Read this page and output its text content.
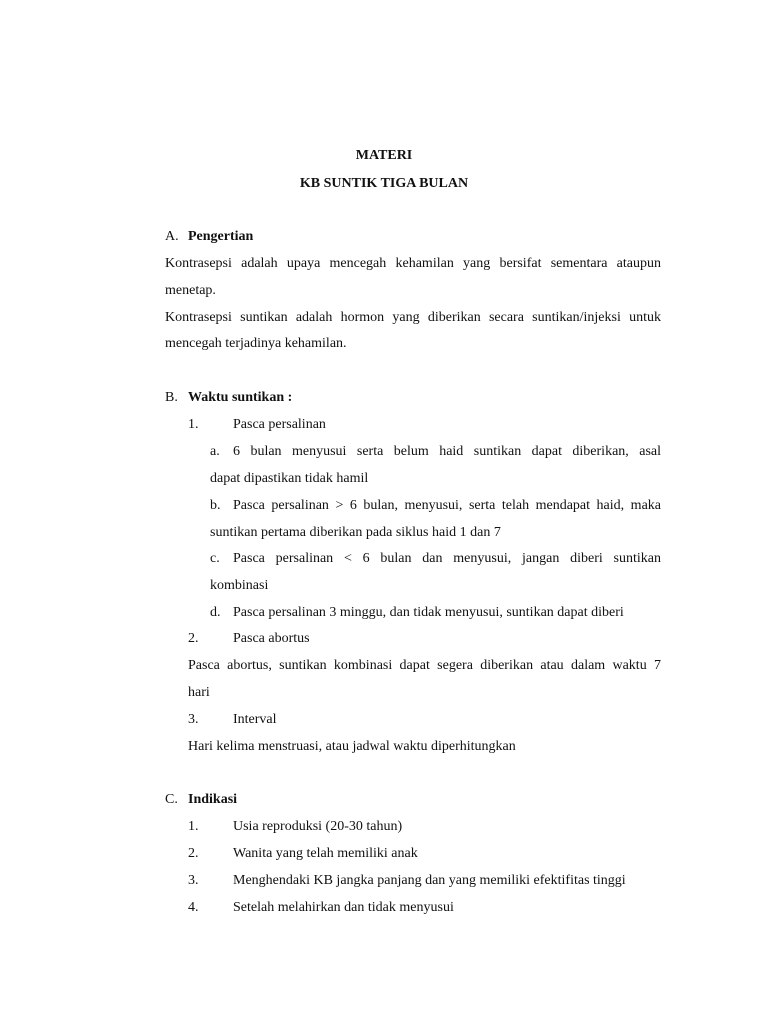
MATERI
KB SUNTIK TIGA BULAN
A. Pengertian
Kontrasepsi adalah upaya mencegah kehamilan yang bersifat sementara ataupun
menetap.
Kontrasepsi suntikan adalah hormon yang diberikan secara suntikan/injeksi untuk
mencegah terjadinya kehamilan.
B. Waktu suntikan :
1. Pasca persalinan
a. 6 bulan menyusui serta belum haid suntikan dapat diberikan, asal
dapat dipastikan tidak hamil
b. Pasca persalinan > 6 bulan, menyusui, serta telah mendapat haid, maka
suntikan pertama diberikan pada siklus haid 1 dan 7
c. Pasca persalinan < 6 bulan dan menyusui, jangan diberi suntikan
kombinasi
d. Pasca persalinan 3 minggu, dan tidak menyusui, suntikan dapat diberi
2. Pasca abortus
Pasca abortus, suntikan kombinasi dapat segera diberikan atau dalam waktu 7
hari
3. Interval
Hari kelima menstruasi, atau jadwal waktu diperhitungkan
C. Indikasi
1. Usia reproduksi (20-30 tahun)
2. Wanita yang telah memiliki anak
3. Menghendaki KB jangka panjang dan yang memiliki efektifitas tinggi
4. Setelah melahirkan dan tidak menyusui
